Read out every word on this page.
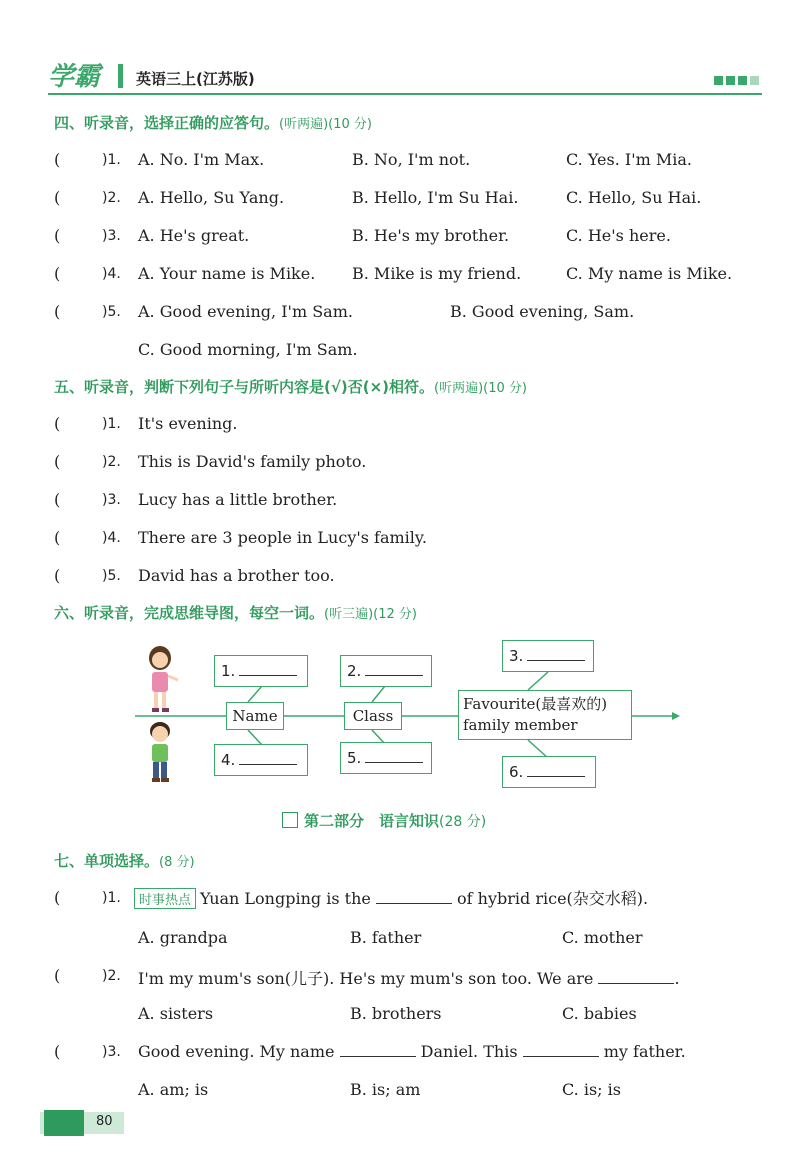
学霸 英语三上(江苏版)
四、听录音，选择正确的应答句。(听两遍)(10 分)
(	)1. A. No. I'm Max.	B. No, I'm not.	C. Yes. I'm Mia.
(	)2. A. Hello, Su Yang.	B. Hello, I'm Su Hai.	C. Hello, Su Hai.
(	)3. A. He's great.	B. He's my brother.	C. He's here.
(	)4. A. Your name is Mike. B. Mike is my friend.	C. My name is Mike.
(	)5. A. Good evening, I'm Sam.	B. Good evening, Sam.
C. Good morning, I'm Sam.
五、听录音，判断下列句子与所听内容是(√)否(×)相符。(听两遍)(10 分)
(	)1. It's evening.
(	)2. This is David's family photo.
(	)3. Lucy has a little brother.
(	)4. There are 3 people in Lucy's family.
(	)5. David has a brother too.
六、听录音，完成思维导图，每空一词。(听三遍)(12 分)
1.	2.
3.
4.	5.
6.
Name	Class
Favourite(最喜欢的)
family member
第二部分　语言知识(28 分)
七、单项选择。(8 分)
(	)1.	时事热点 Yuan Longping is the	of hybrid rice(杂交水稻).
A. grandpa	B. father	C. mother
(	)2. I'm my mum's son(儿子). He's my mum's son too. We are	.
A. sisters	B. brothers	C. babies
(	)3. Good evening. My name	Daniel. This	my father.
A. am; is	B. is; am	C. is; is
80
